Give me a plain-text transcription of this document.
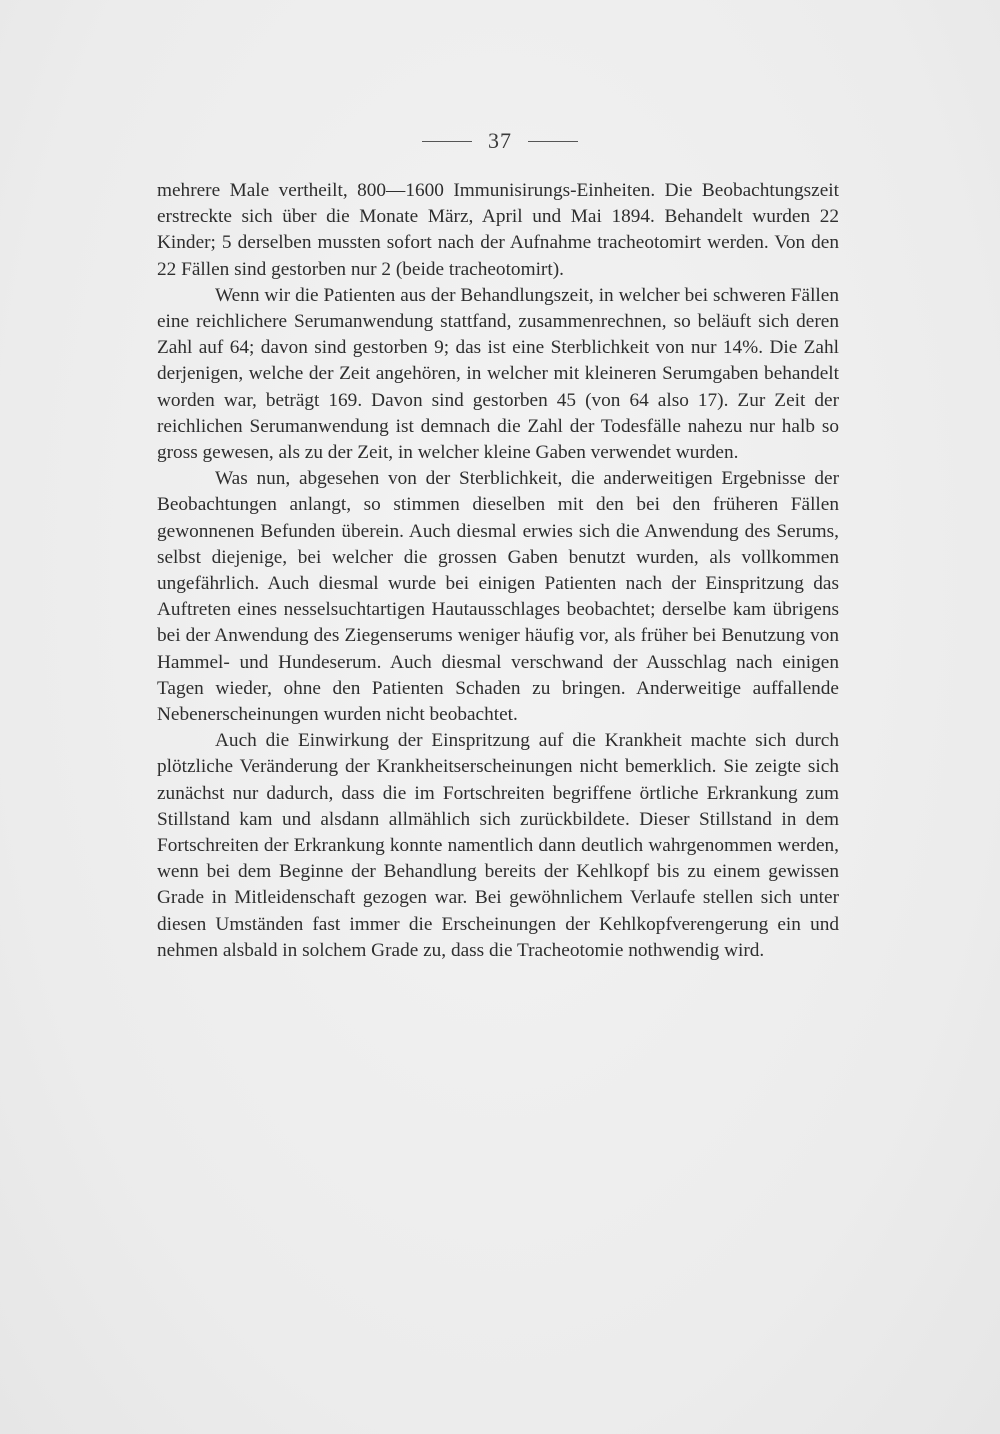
37

mehrere Male vertheilt, 800—1600 Immunisirungs-Einheiten. Die Beobachtungszeit erstreckte sich über die Monate März, April und Mai 1894. Behandelt wurden 22 Kinder; 5 derselben mussten sofort nach der Aufnahme tracheotomirt werden. Von den 22 Fällen sind gestorben nur 2 (beide tracheotomirt).

Wenn wir die Patienten aus der Behandlungszeit, in welcher bei schweren Fällen eine reichlichere Serumanwendung stattfand, zusammenrechnen, so beläuft sich deren Zahl auf 64; davon sind gestorben 9; das ist eine Sterblichkeit von nur 14%. Die Zahl derjenigen, welche der Zeit angehören, in welcher mit kleineren Serumgaben behandelt worden war, beträgt 169. Davon sind gestorben 45 (von 64 also 17). Zur Zeit der reichlichen Serumanwendung ist demnach die Zahl der Todesfälle nahezu nur halb so gross gewesen, als zu der Zeit, in welcher kleine Gaben verwendet wurden.

Was nun, abgesehen von der Sterblichkeit, die anderweitigen Ergebnisse der Beobachtungen anlangt, so stimmen dieselben mit den bei den früheren Fällen gewonnenen Befunden überein. Auch diesmal erwies sich die Anwendung des Serums, selbst diejenige, bei welcher die grossen Gaben benutzt wurden, als vollkommen ungefährlich. Auch diesmal wurde bei einigen Patienten nach der Einspritzung das Auftreten eines nesselsuchtartigen Hautausschlages beobachtet; derselbe kam übrigens bei der Anwendung des Ziegenserums weniger häufig vor, als früher bei Benutzung von Hammel- und Hundeserum. Auch diesmal verschwand der Ausschlag nach einigen Tagen wieder, ohne den Patienten Schaden zu bringen. Anderweitige auffallende Nebenerscheinungen wurden nicht beobachtet.

Auch die Einwirkung der Einspritzung auf die Krankheit machte sich durch plötzliche Veränderung der Krankheitserscheinungen nicht bemerklich. Sie zeigte sich zunächst nur dadurch, dass die im Fortschreiten begriffene örtliche Erkrankung zum Stillstand kam und alsdann allmählich sich zurückbildete. Dieser Stillstand in dem Fortschreiten der Erkrankung konnte namentlich dann deutlich wahrgenommen werden, wenn bei dem Beginne der Behandlung bereits der Kehlkopf bis zu einem gewissen Grade in Mitleidenschaft gezogen war. Bei gewöhnlichem Verlaufe stellen sich unter diesen Umständen fast immer die Erscheinungen der Kehlkopfverengerung ein und nehmen alsbald in solchem Grade zu, dass die Tracheotomie nothwendig wird.
